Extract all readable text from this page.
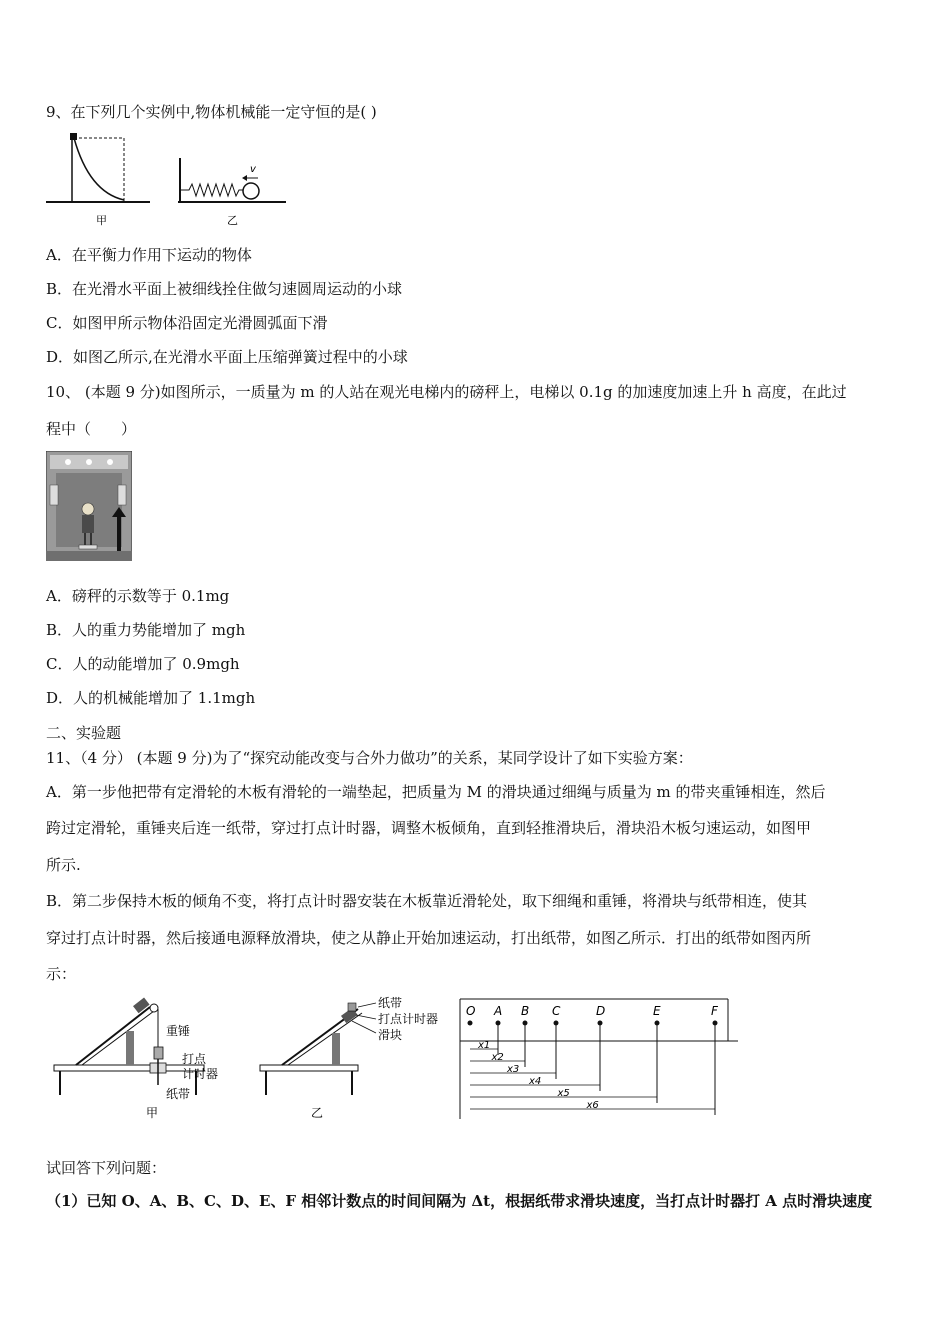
9、在下列几个实例中,物体机械能一定守恒的是( )
甲
v
乙
A．在平衡力作用下运动的物体
B．在光滑水平面上被细线拴住做匀速圆周运动的小球
C．如图甲所示物体沿固定光滑圆弧面下滑
D．如图乙所示,在光滑水平面上压缩弹簧过程中的小球
10、 (本题 9 分)如图所示，一质量为 m 的人站在观光电梯内的磅秤上，电梯以 0.1g 的加速度加速上升 h 高度，在此过
程中（　　）
A．磅秤的示数等于 0.1mg
B．人的重力势能增加了 mgh
C．人的动能增加了 0.9mgh
D．人的机械能增加了 1.1mgh
二、实验题
11、（4 分） (本题 9 分)为了“探究动能改变与合外力做功”的关系，某同学设计了如下实验方案：
A．第一步他把带有定滑轮的木板有滑轮的一端垫起，把质量为 M 的滑块通过细绳与质量为 m 的带夹重锤相连，然后
跨过定滑轮，重锤夹后连一纸带，穿过打点计时器，调整木板倾角，直到轻推滑块后，滑块沿木板匀速运动，如图甲
所示.
B．第二步保持木板的倾角不变，将打点计时器安装在木板靠近滑轮处，取下细绳和重锤，将滑块与纸带相连，使其
穿过打点计时器，然后接通电源释放滑块，使之从静止开始加速运动，打出纸带，如图乙所示．打出的纸带如图丙所
示：
重锤
打点
计时器
纸带
甲
纸带
打点计时器
滑块
乙
O A B C	D	E	F
x1
x2
x3
x4
x5
x6
试回答下列问题：
（1）已知 O、A、B、C、D、E、F 相邻计数点的时间间隔为 Δt，根据纸带求滑块速度，当打点计时器打 A 点时滑块速度
